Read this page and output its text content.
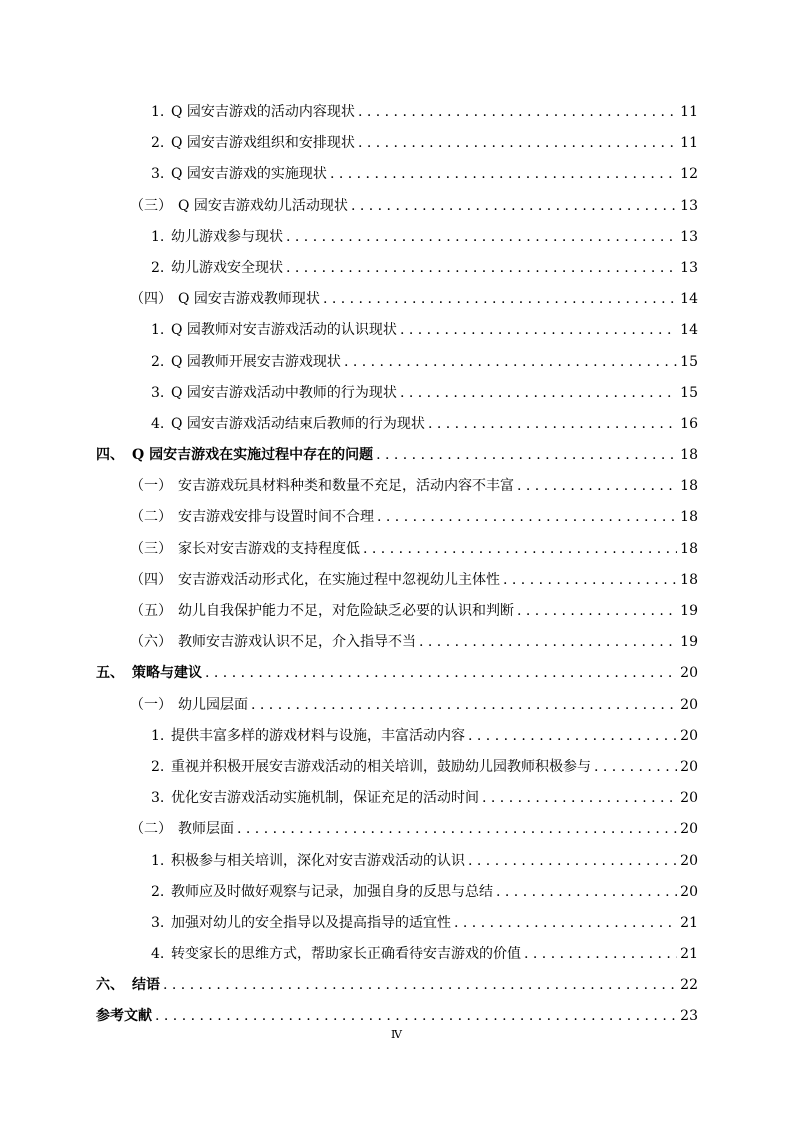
1. Q 园安吉游戏的活动内容现状 . . .	11
2. Q 园安吉游戏组织和安排现状 . . .	11
3. Q 园安吉游戏的实施现状 . . .	12
（三） Q 园安吉游戏幼儿活动现状 . . .	13
1. 幼儿游戏参与现状 . . .	13
2. 幼儿游戏安全现状 . . .	13
（四） Q 园安吉游戏教师现状 . . .	14
1. Q 园教师对安吉游戏活动的认识现状 . . .	14
2. Q 园教师开展安吉游戏现状 . . .	15
3. Q 园安吉游戏活动中教师的行为现状 . . .	15
4. Q 园安吉游戏活动结束后教师的行为现状 . . .	16
四、 Q 园安吉游戏在实施过程中存在的问题 . . .	18
（一） 安吉游戏玩具材料种类和数量不充足，活动内容不丰富 . . .	18
（二） 安吉游戏安排与设置时间不合理 . . .	18
（三） 家长对安吉游戏的支持程度低 . . .	18
（四） 安吉游戏活动形式化，在实施过程中忽视幼儿主体性 . . .	18
（五） 幼儿自我保护能力不足，对危险缺乏必要的认识和判断 . . .	19
（六） 教师安吉游戏认识不足，介入指导不当 . . .	19
五、 策略与建议 . . .	20
（一） 幼儿园层面 . . .	20
1. 提供丰富多样的游戏材料与设施，丰富活动内容 . . .	20
2. 重视并积极开展安吉游戏活动的相关培训，鼓励幼儿园教师积极参与 . . .	20
3. 优化安吉游戏活动实施机制，保证充足的活动时间 . . .	20
（二） 教师层面 . . .	20
1. 积极参与相关培训，深化对安吉游戏活动的认识 . . .	20
2. 教师应及时做好观察与记录，加强自身的反思与总结 . . .	20
3. 加强对幼儿的安全指导以及提高指导的适宜性 . . .	21
4. 转变家长的思维方式，帮助家长正确看待安吉游戏的价值 . . .	21
六、 结语 . . .	22
参考文献 . . .	23
Ⅳ
